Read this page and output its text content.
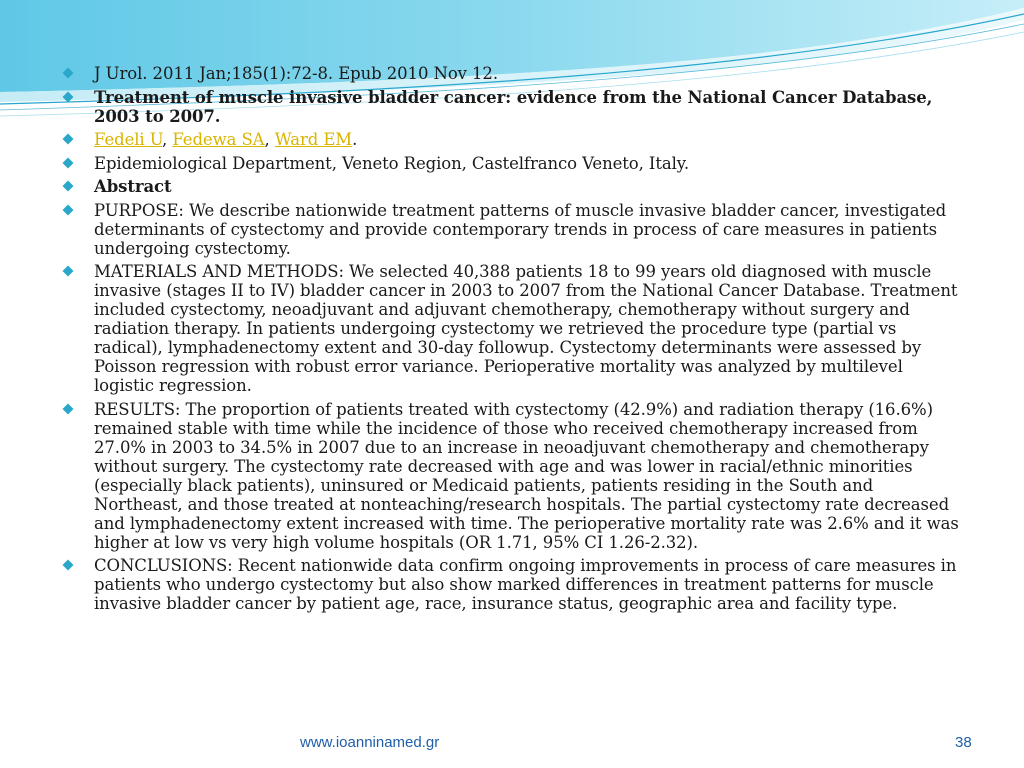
J Urol. 2011 Jan;185(1):72-8. Epub 2010 Nov 12.
Treatment of muscle invasive bladder cancer: evidence from the National Cancer Database, 2003 to 2007.
Fedeli U, Fedewa SA, Ward EM.
Epidemiological Department, Veneto Region, Castelfranco Veneto, Italy.
Abstract
PURPOSE: We describe nationwide treatment patterns of muscle invasive bladder cancer, investigated determinants of cystectomy and provide contemporary trends in process of care measures in patients undergoing cystectomy.
MATERIALS AND METHODS: We selected 40,388 patients 18 to 99 years old diagnosed with muscle invasive (stages II to IV) bladder cancer in 2003 to 2007 from the National Cancer Database. Treatment included cystectomy, neoadjuvant and adjuvant chemotherapy, chemotherapy without surgery and radiation therapy. In patients undergoing cystectomy we retrieved the procedure type (partial vs radical), lymphadenectomy extent and 30-day followup. Cystectomy determinants were assessed by Poisson regression with robust error variance. Perioperative mortality was analyzed by multilevel logistic regression.
RESULTS: The proportion of patients treated with cystectomy (42.9%) and radiation therapy (16.6%) remained stable with time while the incidence of those who received chemotherapy increased from 27.0% in 2003 to 34.5% in 2007 due to an increase in neoadjuvant chemotherapy and chemotherapy without surgery. The cystectomy rate decreased with age and was lower in racial/ethnic minorities (especially black patients), uninsured or Medicaid patients, patients residing in the South and Northeast, and those treated at nonteaching/research hospitals. The partial cystectomy rate decreased and lymphadenectomy extent increased with time. The perioperative mortality rate was 2.6% and it was higher at low vs very high volume hospitals (OR 1.71, 95% CI 1.26-2.32).
CONCLUSIONS: Recent nationwide data confirm ongoing improvements in process of care measures in patients who undergo cystectomy but also show marked differences in treatment patterns for muscle invasive bladder cancer by patient age, race, insurance status, geographic area and facility type.
www.ioanninamed.gr	38
